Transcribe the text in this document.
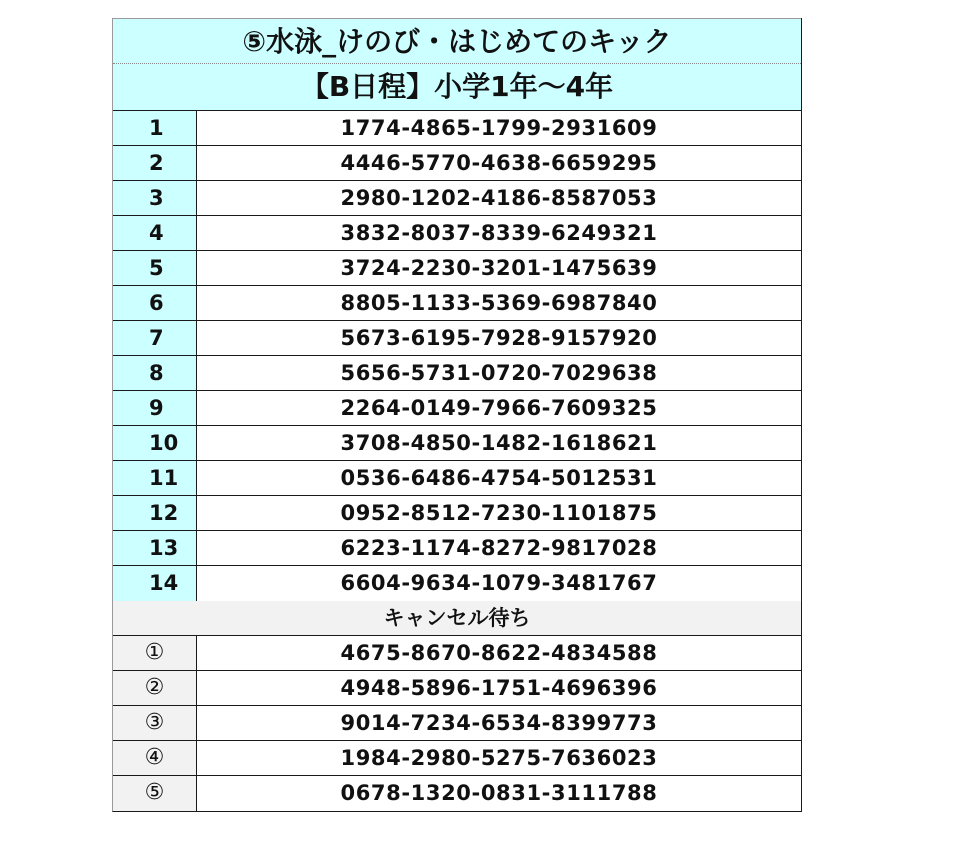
⑤水泳_けのび・はじめてのキック
【B日程】小学1年～4年
1	1774-4865-1799-2931609
2	4446-5770-4638-6659295
3	2980-1202-4186-8587053
4	3832-8037-8339-6249321
5	3724-2230-3201-1475639
6	8805-1133-5369-6987840
7	5673-6195-7928-9157920
8	5656-5731-0720-7029638
9	2264-0149-7966-7609325
10	3708-4850-1482-1618621
11	0536-6486-4754-5012531
12	0952-8512-7230-1101875
13	6223-1174-8272-9817028
14	6604-9634-1079-3481767
キャンセル待ち
①	4675-8670-8622-4834588
②	4948-5896-1751-4696396
③	9014-7234-6534-8399773
④	1984-2980-5275-7636023
⑤	0678-1320-0831-3111788
